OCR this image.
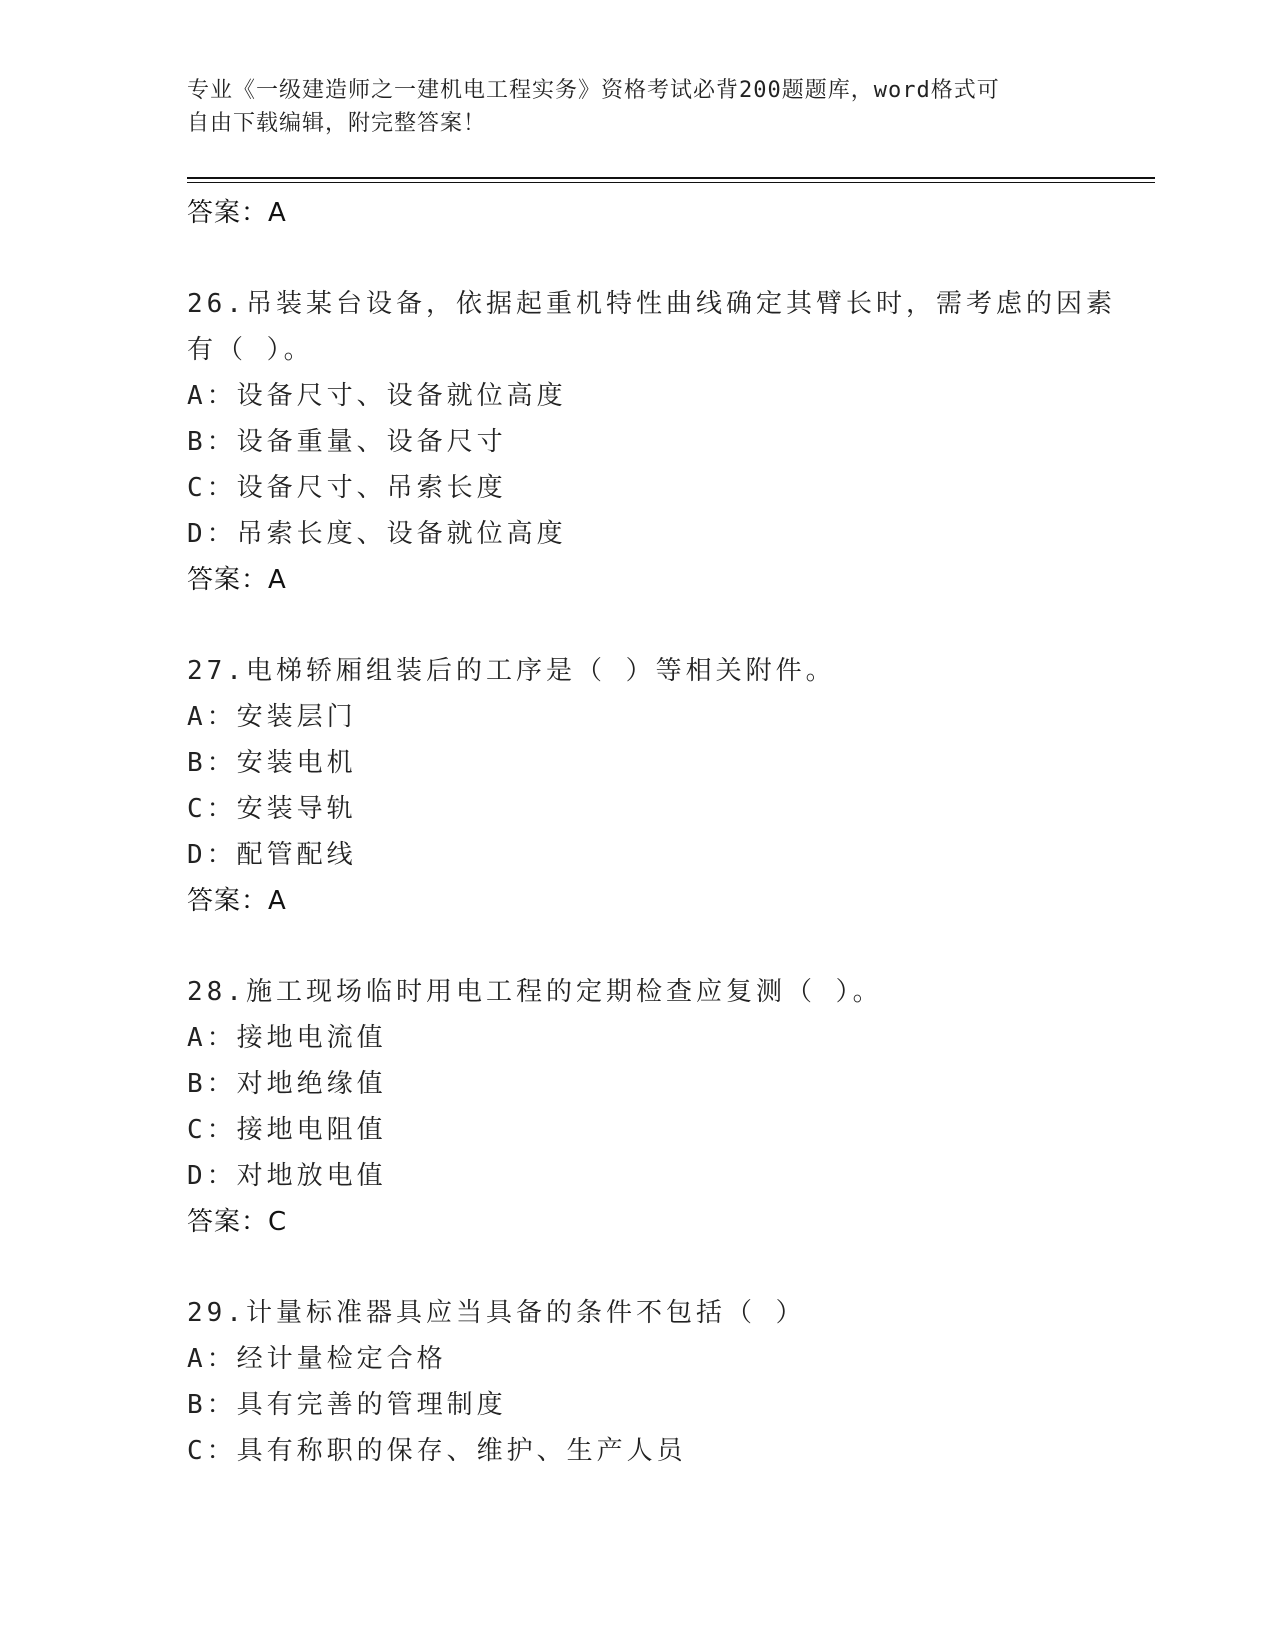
专业《一级建造师之一建机电工程实务》资格考试必背200题题库，word格式可
自由下载编辑，附完整答案！
答案：A
26.吊装某台设备，依据起重机特性曲线确定其臂长时，需考虑的因素
有（ ）。
A：设备尺寸、设备就位高度
B：设备重量、设备尺寸
C：设备尺寸、吊索长度
D：吊索长度、设备就位高度
答案：A
27.电梯轿厢组装后的工序是（ ）等相关附件。
A：安装层门
B：安装电机
C：安装导轨
D：配管配线
答案：A
28.施工现场临时用电工程的定期检查应复测（ ）。
A：接地电流值
B：对地绝缘值
C：接地电阻值
D：对地放电值
答案：C
29.计量标准器具应当具备的条件不包括（ ）
A：经计量检定合格
B：具有完善的管理制度
C：具有称职的保存、维护、生产人员
